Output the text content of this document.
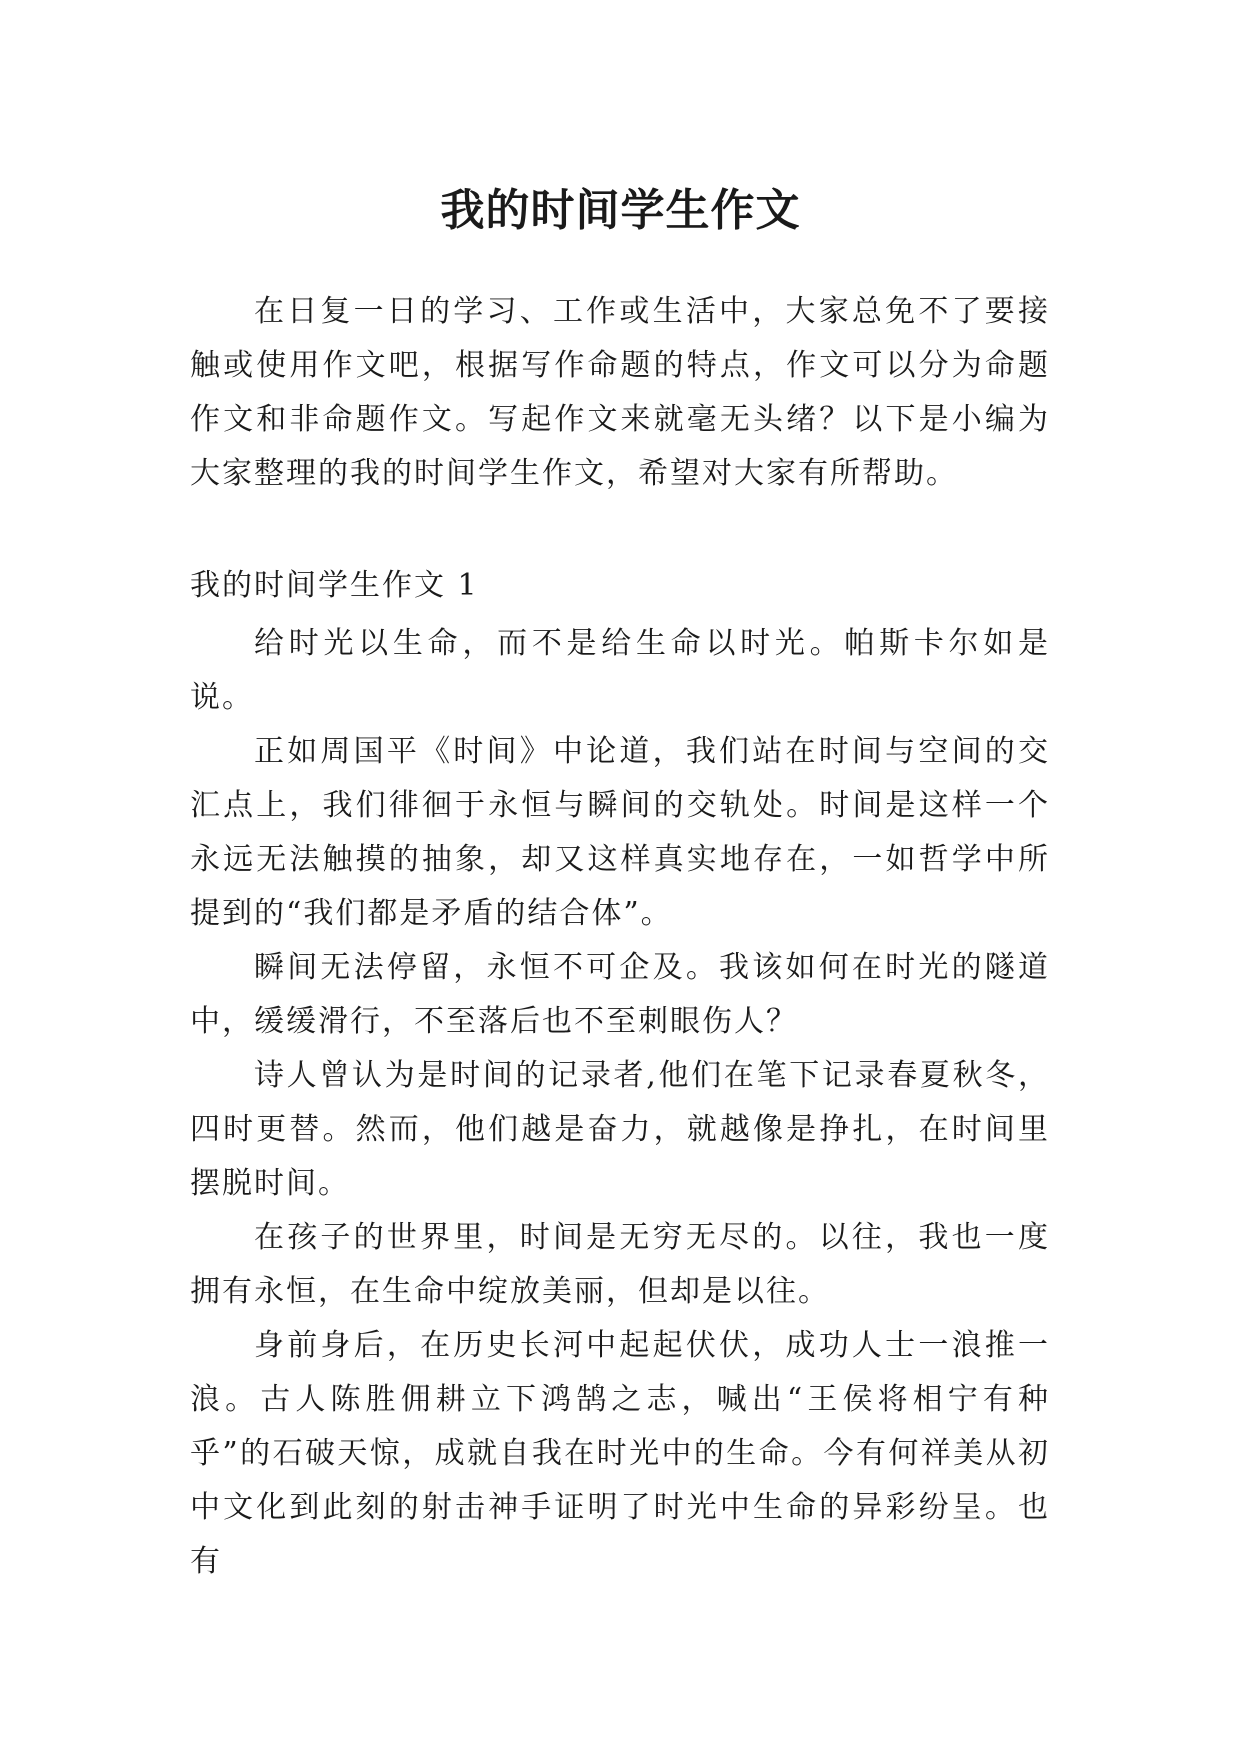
我的时间学生作文

在日复一日的学习、工作或生活中，大家总免不了要接触或使用作文吧，根据写作命题的特点，作文可以分为命题作文和非命题作文。写起作文来就毫无头绪？以下是小编为大家整理的我的时间学生作文，希望对大家有所帮助。

我的时间学生作文 1

给时光以生命，而不是给生命以时光。帕斯卡尔如是说。

正如周国平《时间》中论道，我们站在时间与空间的交汇点上，我们徘徊于永恒与瞬间的交轨处。时间是这样一个永远无法触摸的抽象，却又这样真实地存在，一如哲学中所提到的“我们都是矛盾的结合体”。

瞬间无法停留，永恒不可企及。我该如何在时光的隧道中，缓缓滑行，不至落后也不至刺眼伤人？

诗人曾认为是时间的记录者,他们在笔下记录春夏秋冬，四时更替。然而，他们越是奋力，就越像是挣扎，在时间里摆脱时间。

在孩子的世界里，时间是无穷无尽的。以往，我也一度拥有永恒，在生命中绽放美丽，但却是以往。

身前身后，在历史长河中起起伏伏，成功人士一浪推一浪。古人陈胜佣耕立下鸿鹄之志，喊出“王侯将相宁有种乎”的石破天惊，成就自我在时光中的生命。今有何祥美从初中文化到此刻的射击神手证明了时光中生命的异彩纷呈。也有
